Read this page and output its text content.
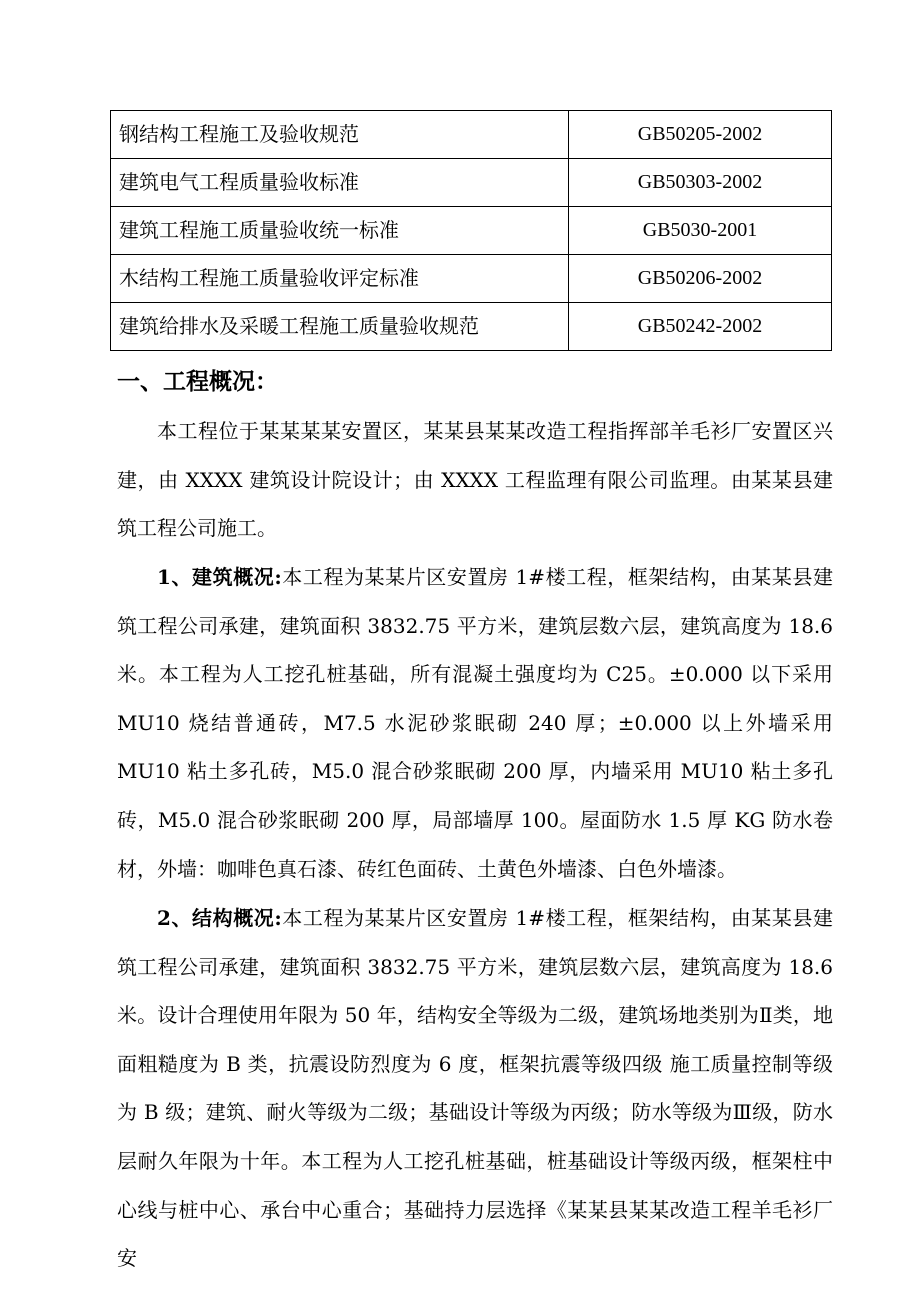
钢结构工程施工及验收规范	GB50205-2002
建筑电气工程质量验收标准	GB50303-2002
建筑工程施工质量验收统一标准	GB5030-2001
木结构工程施工质量验收评定标准	GB50206-2002
建筑给排水及采暖工程施工质量验收规范	GB50242-2002
一、工程概况：

本工程位于某某某某安置区，某某县某某改造工程指挥部羊毛衫厂安置区兴建，由 XXXX 建筑设计院设计；由 XXXX 工程监理有限公司监理。由某某县建筑工程公司施工。

1、建筑概况:本工程为某某片区安置房 1#楼工程，框架结构，由某某县建筑工程公司承建，建筑面积 3832.75 平方米，建筑层数六层，建筑高度为 18.6 米。本工程为人工挖孔桩基础，所有混凝土强度均为 C25。±0.000 以下采用 MU10 烧结普通砖，M7.5 水泥砂浆眠砌 240 厚；±0.000 以上外墙采用 MU10 粘土多孔砖，M5.0 混合砂浆眠砌 200 厚，内墙采用 MU10 粘土多孔砖，M5.0 混合砂浆眠砌 200 厚，局部墙厚 100。屋面防水 1.5 厚 KG 防水卷材，外墙：咖啡色真石漆、砖红色面砖、土黄色外墙漆、白色外墙漆。

2、结构概况:本工程为某某片区安置房 1#楼工程，框架结构，由某某县建筑工程公司承建，建筑面积 3832.75 平方米，建筑层数六层，建筑高度为 18.6 米。设计合理使用年限为 50 年，结构安全等级为二级，建筑场地类别为Ⅱ类，地面粗糙度为 B 类，抗震设防烈度为 6 度，框架抗震等级四级 施工质量控制等级为 B 级；建筑、耐火等级为二级；基础设计等级为丙级；防水等级为Ⅲ级，防水层耐久年限为十年。本工程为人工挖孔桩基础，桩基础设计等级丙级，框架柱中心线与桩中心、承台中心重合；基础持力层选择《某某县某某改造工程羊毛衫厂安
